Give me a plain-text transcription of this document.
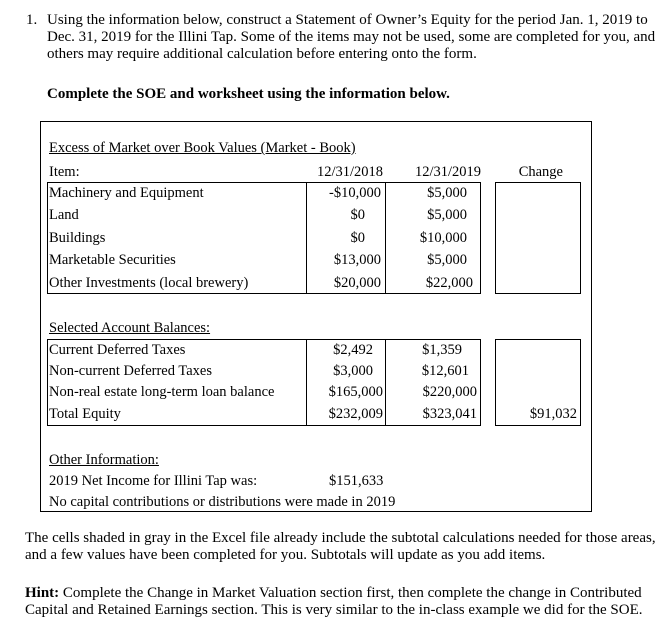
1. Using the information below, construct a Statement of Owner’s Equity for the period Jan. 1, 2019 to Dec. 31, 2019 for the Illini Tap. Some of the items may not be used, some are completed for you, and others may require additional calculation before entering onto the form.

Complete the SOE and worksheet using the information below.

Excess of Market over Book Values (Market - Book)
Item:	12/31/2018	12/31/2019	Change
Machinery and Equipment	-$10,000	$5,000
Land	$0	$5,000
Buildings	$0	$10,000
Marketable Securities	$13,000	$5,000
Other Investments (local brewery)	$20,000	$22,000
Selected Account Balances:
Current Deferred Taxes	$2,492	$1,359
Non-current Deferred Taxes	$3,000	$12,601
Non-real estate long-term loan balance	$165,000	$220,000
Total Equity	$232,009	$323,041	$91,032
Other Information:
2019 Net Income for Illini Tap was:	$151,633
No capital contributions or distributions were made in 2019

The cells shaded in gray in the Excel file already include the subtotal calculations needed for those areas, and a few values have been completed for you. Subtotals will update as you add items.

Hint: Complete the Change in Market Valuation section first, then complete the change in Contributed Capital and Retained Earnings section. This is very similar to the in-class example we did for the SOE.
